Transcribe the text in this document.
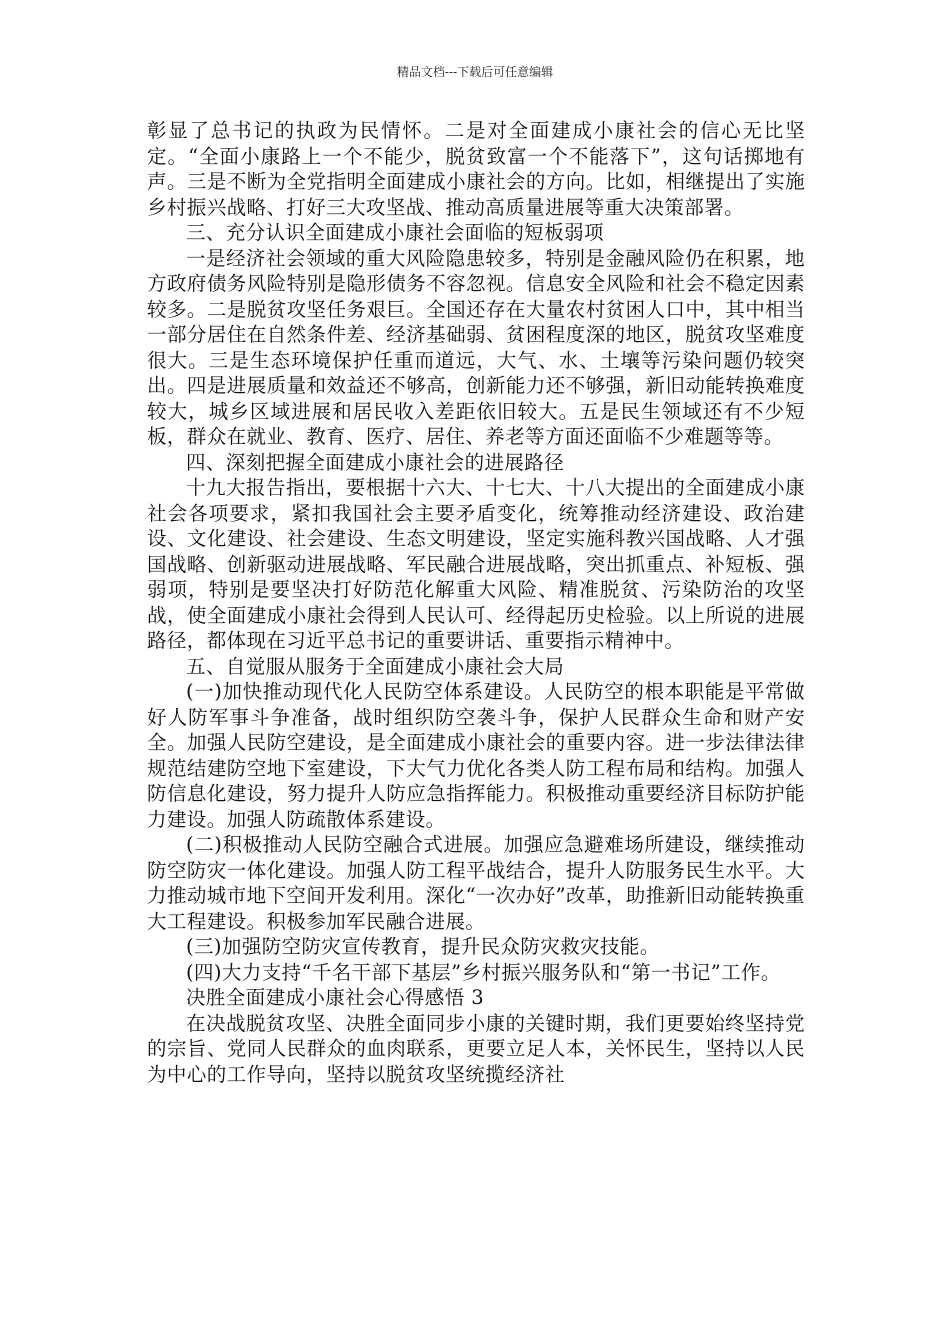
精品文档---下载后可任意编辑

彰显了总书记的执政为民情怀。二是对全面建成小康社会的信心无比坚定。“全面小康路上一个不能少，脱贫致富一个不能落下”，这句话掷地有声。三是不断为全党指明全面建成小康社会的方向。比如，相继提出了实施乡村振兴战略、打好三大攻坚战、推动高质量进展等重大决策部署。

三、充分认识全面建成小康社会面临的短板弱项

一是经济社会领域的重大风险隐患较多，特别是金融风险仍在积累，地方政府债务风险特别是隐形债务不容忽视。信息安全风险和社会不稳定因素较多。二是脱贫攻坚任务艰巨。全国还存在大量农村贫困人口中，其中相当一部分居住在自然条件差、经济基础弱、贫困程度深的地区，脱贫攻坚难度很大。三是生态环境保护任重而道远，大气、水、土壤等污染问题仍较突出。四是进展质量和效益还不够高，创新能力还不够强，新旧动能转换难度较大，城乡区域进展和居民收入差距依旧较大。五是民生领域还有不少短板，群众在就业、教育、医疗、居住、养老等方面还面临不少难题等等。

四、深刻把握全面建成小康社会的进展路径

十九大报告指出，要根据十六大、十七大、十八大提出的全面建成小康社会各项要求，紧扣我国社会主要矛盾变化，统筹推动经济建设、政治建设、文化建设、社会建设、生态文明建设，坚定实施科教兴国战略、人才强国战略、创新驱动进展战略、军民融合进展战略，突出抓重点、补短板、强弱项，特别是要坚决打好防范化解重大风险、精准脱贫、污染防治的攻坚战，使全面建成小康社会得到人民认可、经得起历史检验。以上所说的进展路径，都体现在习近平总书记的重要讲话、重要指示精神中。

五、自觉服从服务于全面建成小康社会大局

(一)加快推动现代化人民防空体系建设。人民防空的根本职能是平常做好人防军事斗争准备，战时组织防空袭斗争，保护人民群众生命和财产安全。加强人民防空建设，是全面建成小康社会的重要内容。进一步法律法律规范结建防空地下室建设，下大气力优化各类人防工程布局和结构。加强人防信息化建设，努力提升人防应急指挥能力。积极推动重要经济目标防护能力建设。加强人防疏散体系建设。

(二)积极推动人民防空融合式进展。加强应急避难场所建设，继续推动防空防灾一体化建设。加强人防工程平战结合，提升人防服务民生水平。大力推动城市地下空间开发利用。深化“一次办好”改革，助推新旧动能转换重大工程建设。积极参加军民融合进展。

(三)加强防空防灾宣传教育，提升民众防灾救灾技能。

(四)大力支持“千名干部下基层”乡村振兴服务队和“第一书记”工作。

决胜全面建成小康社会心得感悟 3

在决战脱贫攻坚、决胜全面同步小康的关键时期，我们更要始终坚持党的宗旨、党同人民群众的血肉联系，更要立足人本，关怀民生，坚持以人民为中心的工作导向，坚持以脱贫攻坚统揽经济社
